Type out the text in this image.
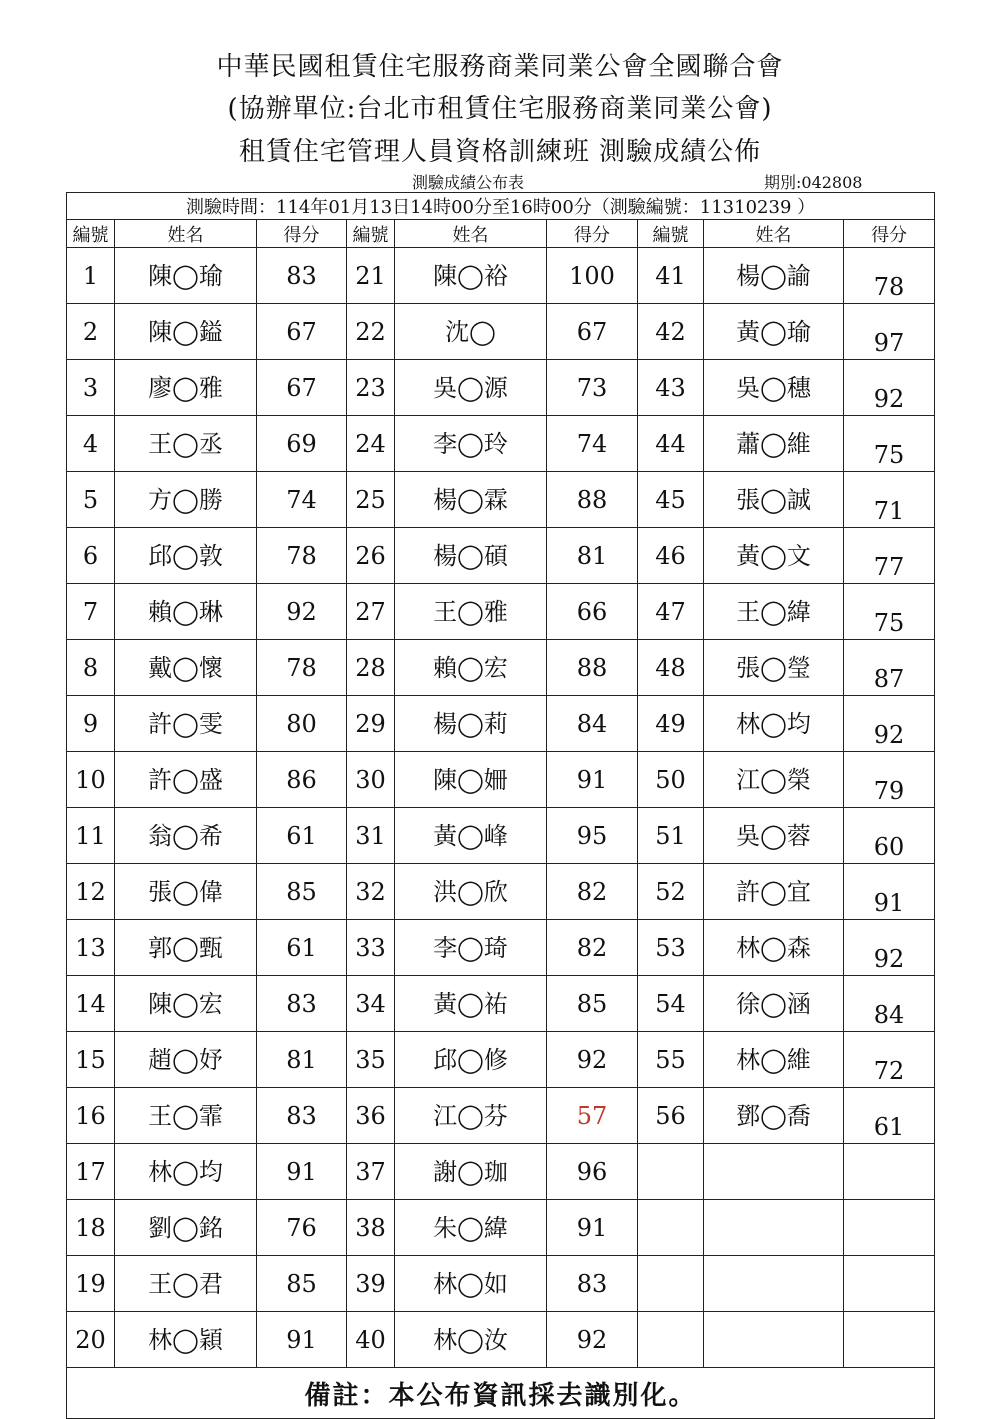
中華民國租賃住宅服務商業同業公會全國聯合會
(協辦單位:台北市租賃住宅服務商業同業公會)
租賃住宅管理人員資格訓練班 測驗成績公佈
測驗成績公布表	期別:042808
測驗時間：114年01月13日14時00分至16時00分（測驗編號：11310239 ）								
編號	姓名	得分	編號	姓名	得分	編號	姓名	得分
1	陳◯瑜	83	21	陳◯裕	100	41	楊◯諭	78
2	陳◯鎰	67	22	沈◯	67	42	黃◯瑜	97
3	廖◯雅	67	23	吳◯源	73	43	吳◯穗	92
4	王◯丞	69	24	李◯玲	74	44	蕭◯維	75
5	方◯勝	74	25	楊◯霖	88	45	張◯誠	71
6	邱◯敦	78	26	楊◯碩	81	46	黃◯文	77
7	賴◯琳	92	27	王◯雅	66	47	王◯緯	75
8	戴◯懷	78	28	賴◯宏	88	48	張◯瑩	87
9	許◯雯	80	29	楊◯莉	84	49	林◯均	92
10	許◯盛	86	30	陳◯姍	91	50	江◯榮	79
11	翁◯希	61	31	黃◯峰	95	51	吳◯蓉	60
12	張◯偉	85	32	洪◯欣	82	52	許◯宜	91
13	郭◯甄	61	33	李◯琦	82	53	林◯森	92
14	陳◯宏	83	34	黃◯祐	85	54	徐◯涵	84
15	趙◯妤	81	35	邱◯修	92	55	林◯維	72
16	王◯霏	83	36	江◯芬	57	56	鄧◯喬	61
17	林◯均	91	37	謝◯珈	96			
18	劉◯銘	76	38	朱◯緯	91			
19	王◯君	85	39	林◯如	83			
20	林◯穎	91	40	林◯汝	92			
備註：本公布資訊採去識別化。								
